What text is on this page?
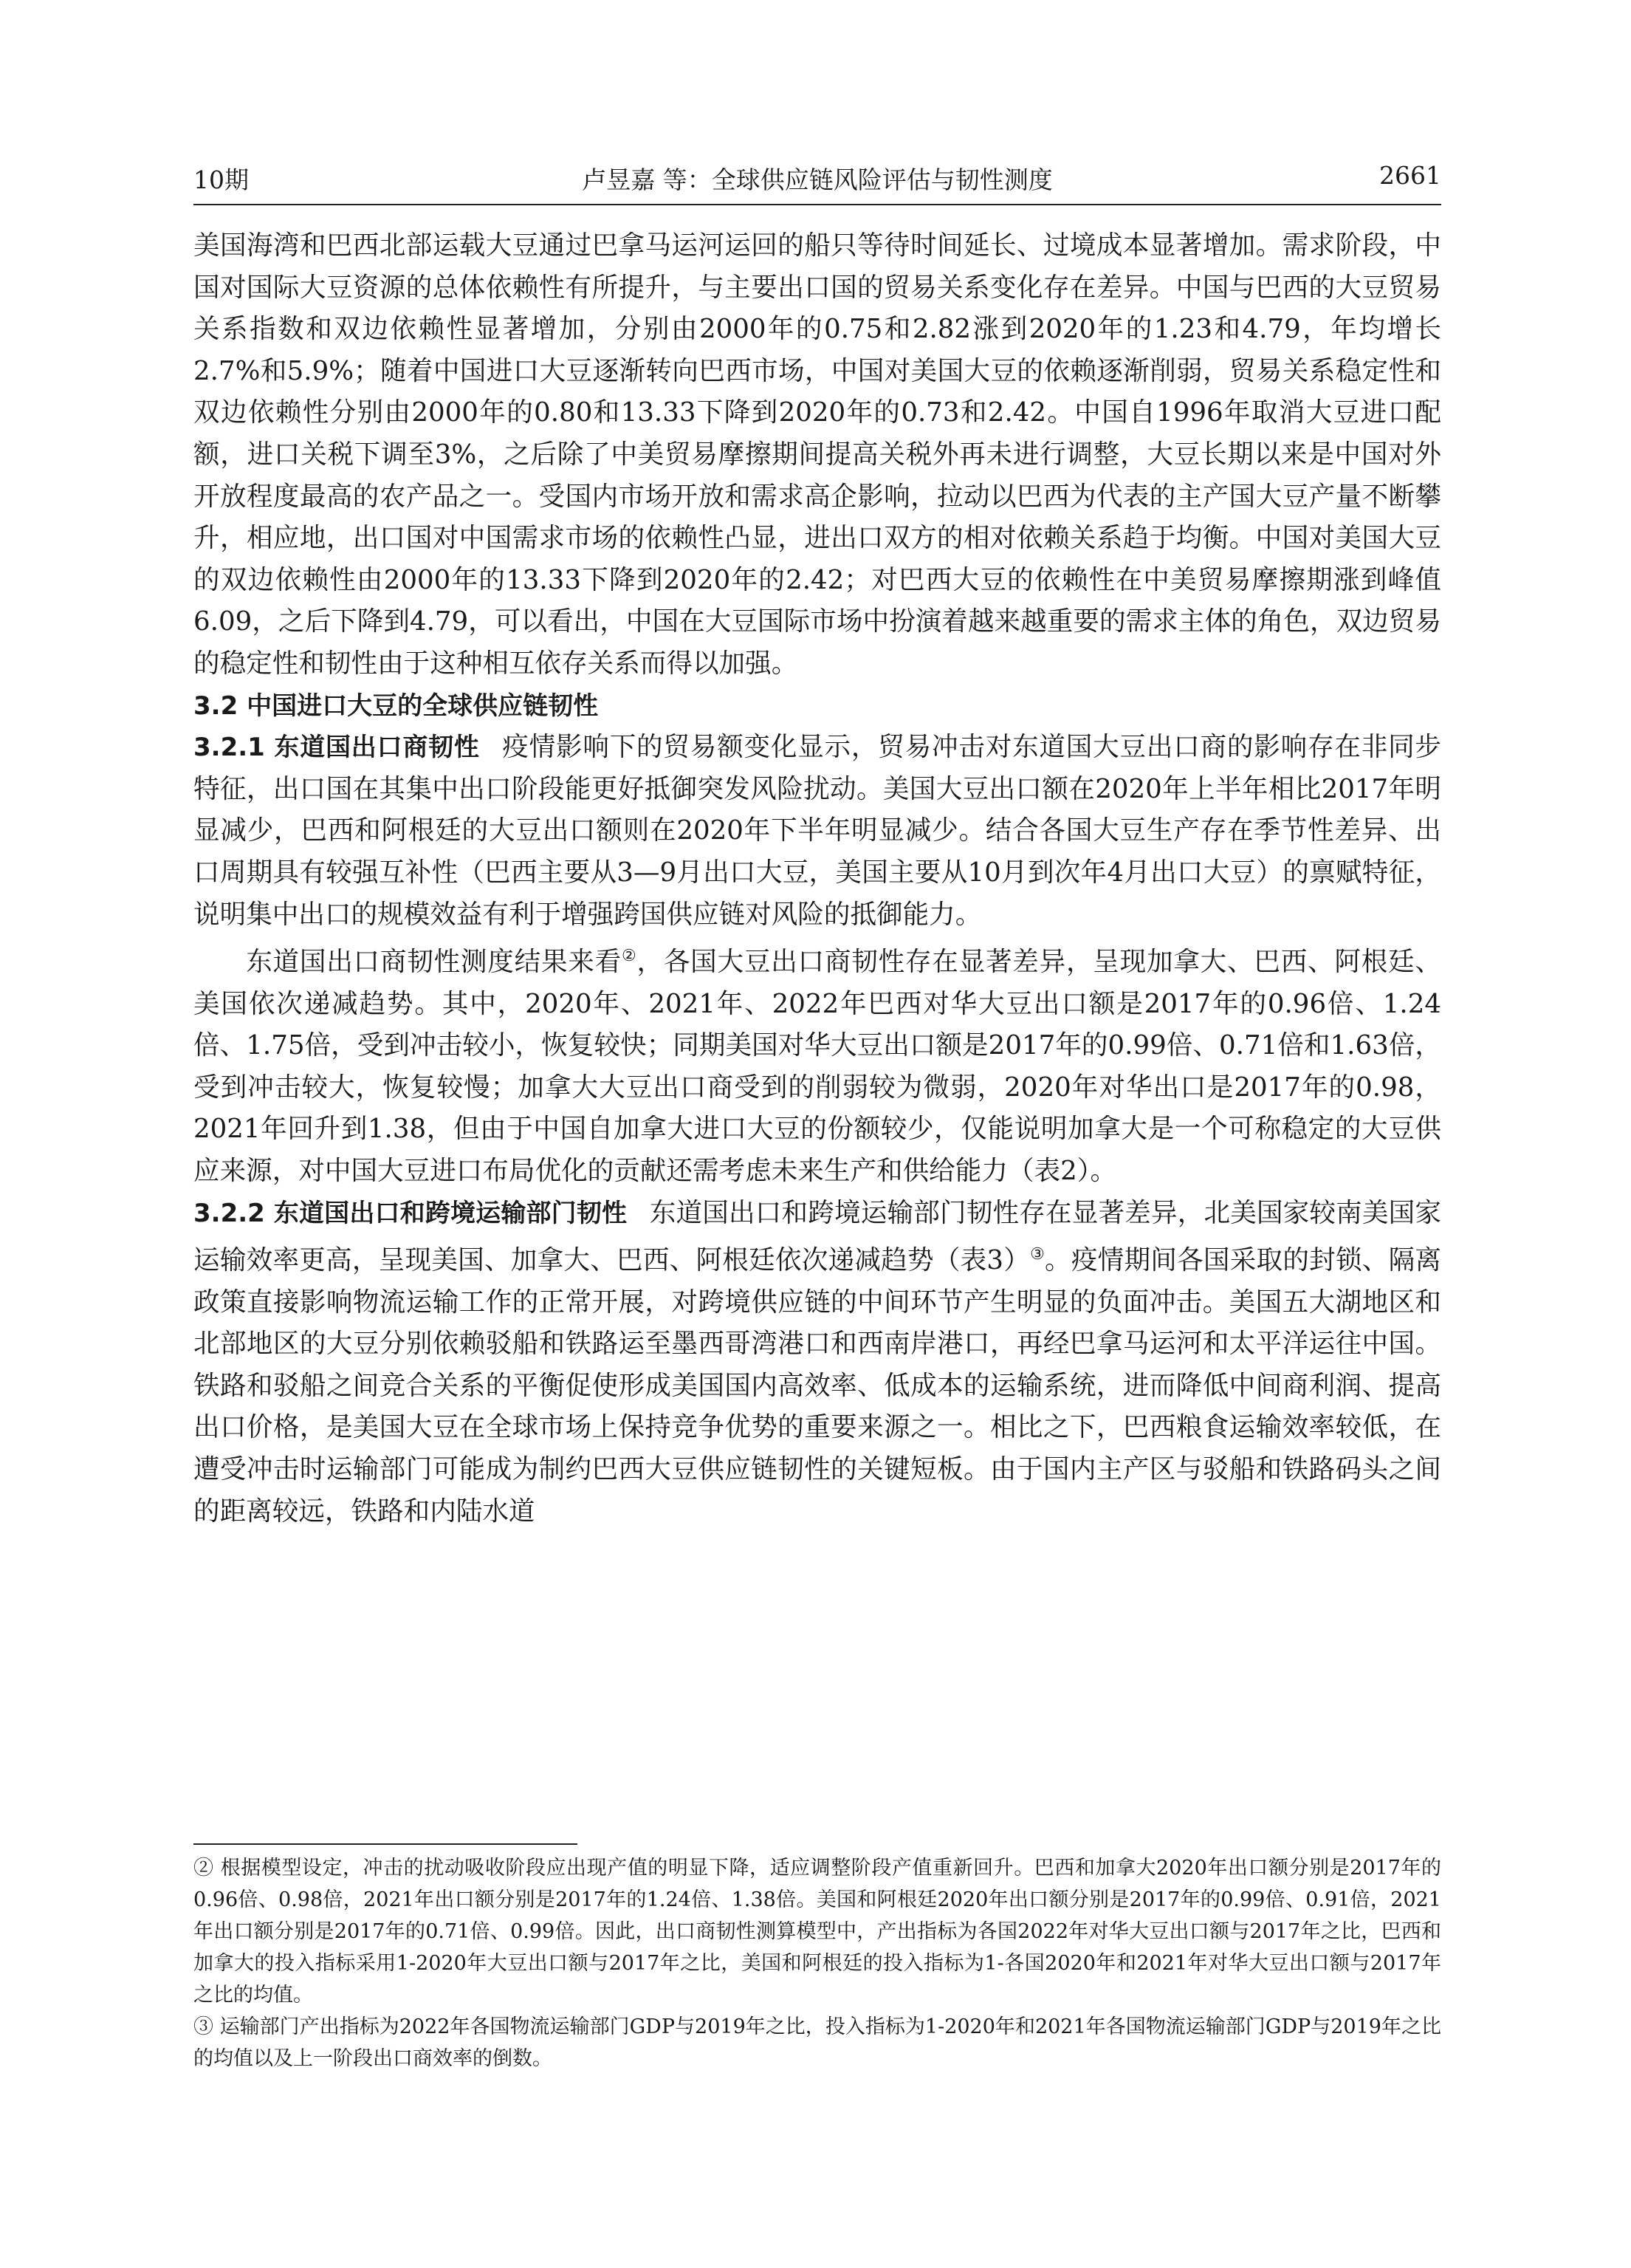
10期	卢昱嘉 等：全球供应链风险评估与韧性测度	2661

美国海湾和巴西北部运载大豆通过巴拿马运河运回的船只等待时间延长、过境成本显著增加。需求阶段，中国对国际大豆资源的总体依赖性有所提升，与主要出口国的贸易关系变化存在差异。中国与巴西的大豆贸易关系指数和双边依赖性显著增加，分别由2000年的0.75和2.82涨到2020年的1.23和4.79，年均增长2.7%和5.9%；随着中国进口大豆逐渐转向巴西市场，中国对美国大豆的依赖逐渐削弱，贸易关系稳定性和双边依赖性分别由2000年的0.80和13.33下降到2020年的0.73和2.42。中国自1996年取消大豆进口配额，进口关税下调至3%，之后除了中美贸易摩擦期间提高关税外再未进行调整，大豆长期以来是中国对外开放程度最高的农产品之一。受国内市场开放和需求高企影响，拉动以巴西为代表的主产国大豆产量不断攀升，相应地，出口国对中国需求市场的依赖性凸显，进出口双方的相对依赖关系趋于均衡。中国对美国大豆的双边依赖性由2000年的13.33下降到2020年的2.42；对巴西大豆的依赖性在中美贸易摩擦期涨到峰值6.09，之后下降到4.79，可以看出，中国在大豆国际市场中扮演着越来越重要的需求主体的角色，双边贸易的稳定性和韧性由于这种相互依存关系而得以加强。

3.2 中国进口大豆的全球供应链韧性

3.2.1 东道国出口商韧性 疫情影响下的贸易额变化显示，贸易冲击对东道国大豆出口商的影响存在非同步特征，出口国在其集中出口阶段能更好抵御突发风险扰动。美国大豆出口额在2020年上半年相比2017年明显减少，巴西和阿根廷的大豆出口额则在2020年下半年明显减少。结合各国大豆生产存在季节性差异、出口周期具有较强互补性（巴西主要从3—9月出口大豆，美国主要从10月到次年4月出口大豆）的禀赋特征，说明集中出口的规模效益有利于增强跨国供应链对风险的抵御能力。

东道国出口商韧性测度结果来看②，各国大豆出口商韧性存在显著差异，呈现加拿大、巴西、阿根廷、美国依次递减趋势。其中，2020年、2021年、2022年巴西对华大豆出口额是2017年的0.96倍、1.24倍、1.75倍，受到冲击较小，恢复较快；同期美国对华大豆出口额是2017年的0.99倍、0.71倍和1.63倍，受到冲击较大，恢复较慢；加拿大大豆出口商受到的削弱较为微弱，2020年对华出口是2017年的0.98，2021年回升到1.38，但由于中国自加拿大进口大豆的份额较少，仅能说明加拿大是一个可称稳定的大豆供应来源，对中国大豆进口布局优化的贡献还需考虑未来生产和供给能力（表2）。

3.2.2 东道国出口和跨境运输部门韧性 东道国出口和跨境运输部门韧性存在显著差异，北美国家较南美国家运输效率更高，呈现美国、加拿大、巴西、阿根廷依次递减趋势（表3）③。疫情期间各国采取的封锁、隔离政策直接影响物流运输工作的正常开展，对跨境供应链的中间环节产生明显的负面冲击。美国五大湖地区和北部地区的大豆分别依赖驳船和铁路运至墨西哥湾港口和西南岸港口，再经巴拿马运河和太平洋运往中国。铁路和驳船之间竞合关系的平衡促使形成美国国内高效率、低成本的运输系统，进而降低中间商利润、提高出口价格，是美国大豆在全球市场上保持竞争优势的重要来源之一。相比之下，巴西粮食运输效率较低，在遭受冲击时运输部门可能成为制约巴西大豆供应链韧性的关键短板。由于国内主产区与驳船和铁路码头之间的距离较远，铁路和内陆水道

② 根据模型设定，冲击的扰动吸收阶段应出现产值的明显下降，适应调整阶段产值重新回升。巴西和加拿大2020年出口额分别是2017年的0.96倍、0.98倍，2021年出口额分别是2017年的1.24倍、1.38倍。美国和阿根廷2020年出口额分别是2017年的0.99倍、0.91倍，2021年出口额分别是2017年的0.71倍、0.99倍。因此，出口商韧性测算模型中，产出指标为各国2022年对华大豆出口额与2017年之比，巴西和加拿大的投入指标采用1-2020年大豆出口额与2017年之比，美国和阿根廷的投入指标为1-各国2020年和2021年对华大豆出口额与2017年之比的均值。

③ 运输部门产出指标为2022年各国物流运输部门GDP与2019年之比，投入指标为1-2020年和2021年各国物流运输部门GDP与2019年之比的均值以及上一阶段出口商效率的倒数。
